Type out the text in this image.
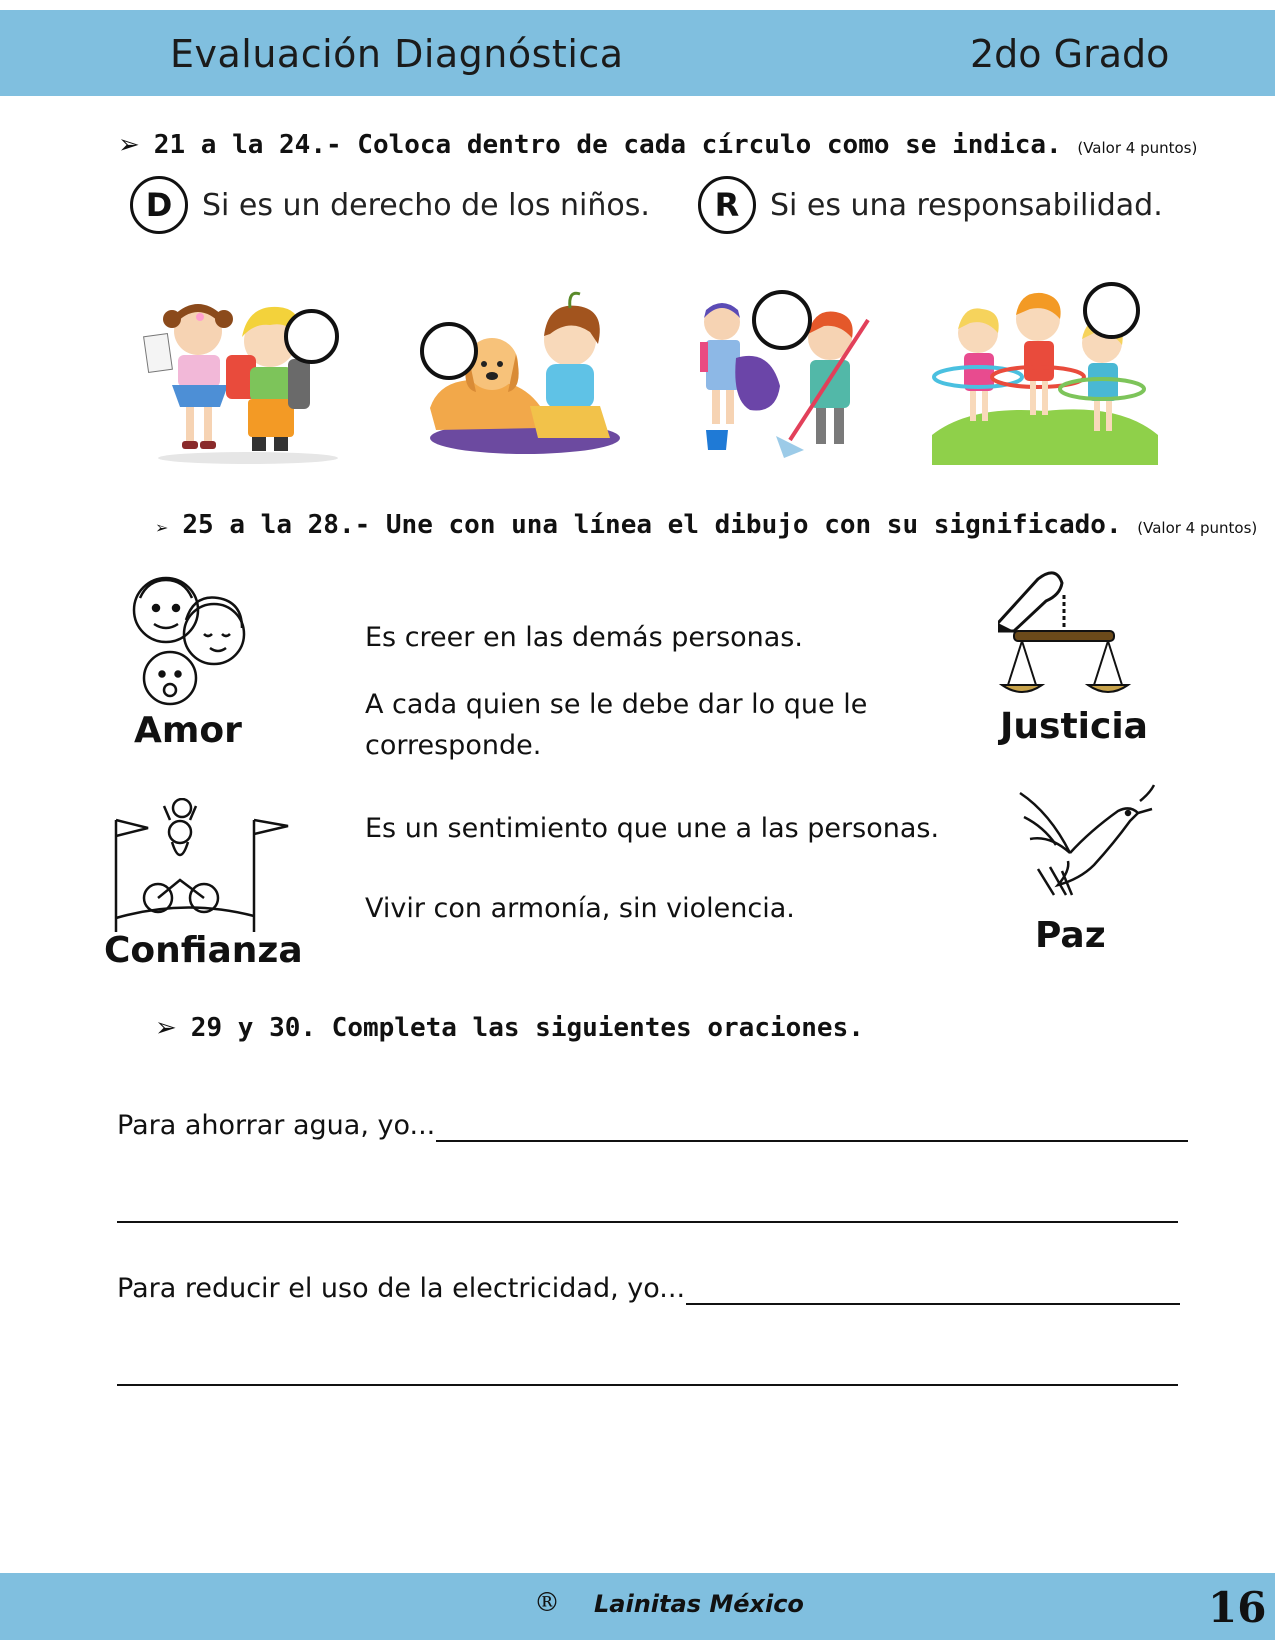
Evaluación Diagnóstica	2do Grado
➢ 21 a la 24.- Coloca dentro de cada círculo como se indica. (Valor 4 puntos)
D Si es un derecho de los niños.	R	Si es una responsabilidad.
➢ 25 a la 28.- Une con una línea el dibujo con su significado. (Valor 4 puntos)
Amor
Confianza
Justicia
Paz
Es creer en las demás personas.
A cada quien se le debe dar lo que le corresponde.
Es un sentimiento que une a las personas.
Vivir con armonía, sin violencia.
➢ 29 y 30. Completa las siguientes oraciones.
Para ahorrar agua, yo...
Para reducir el uso de la electricidad, yo...
® Lainitas México	16
